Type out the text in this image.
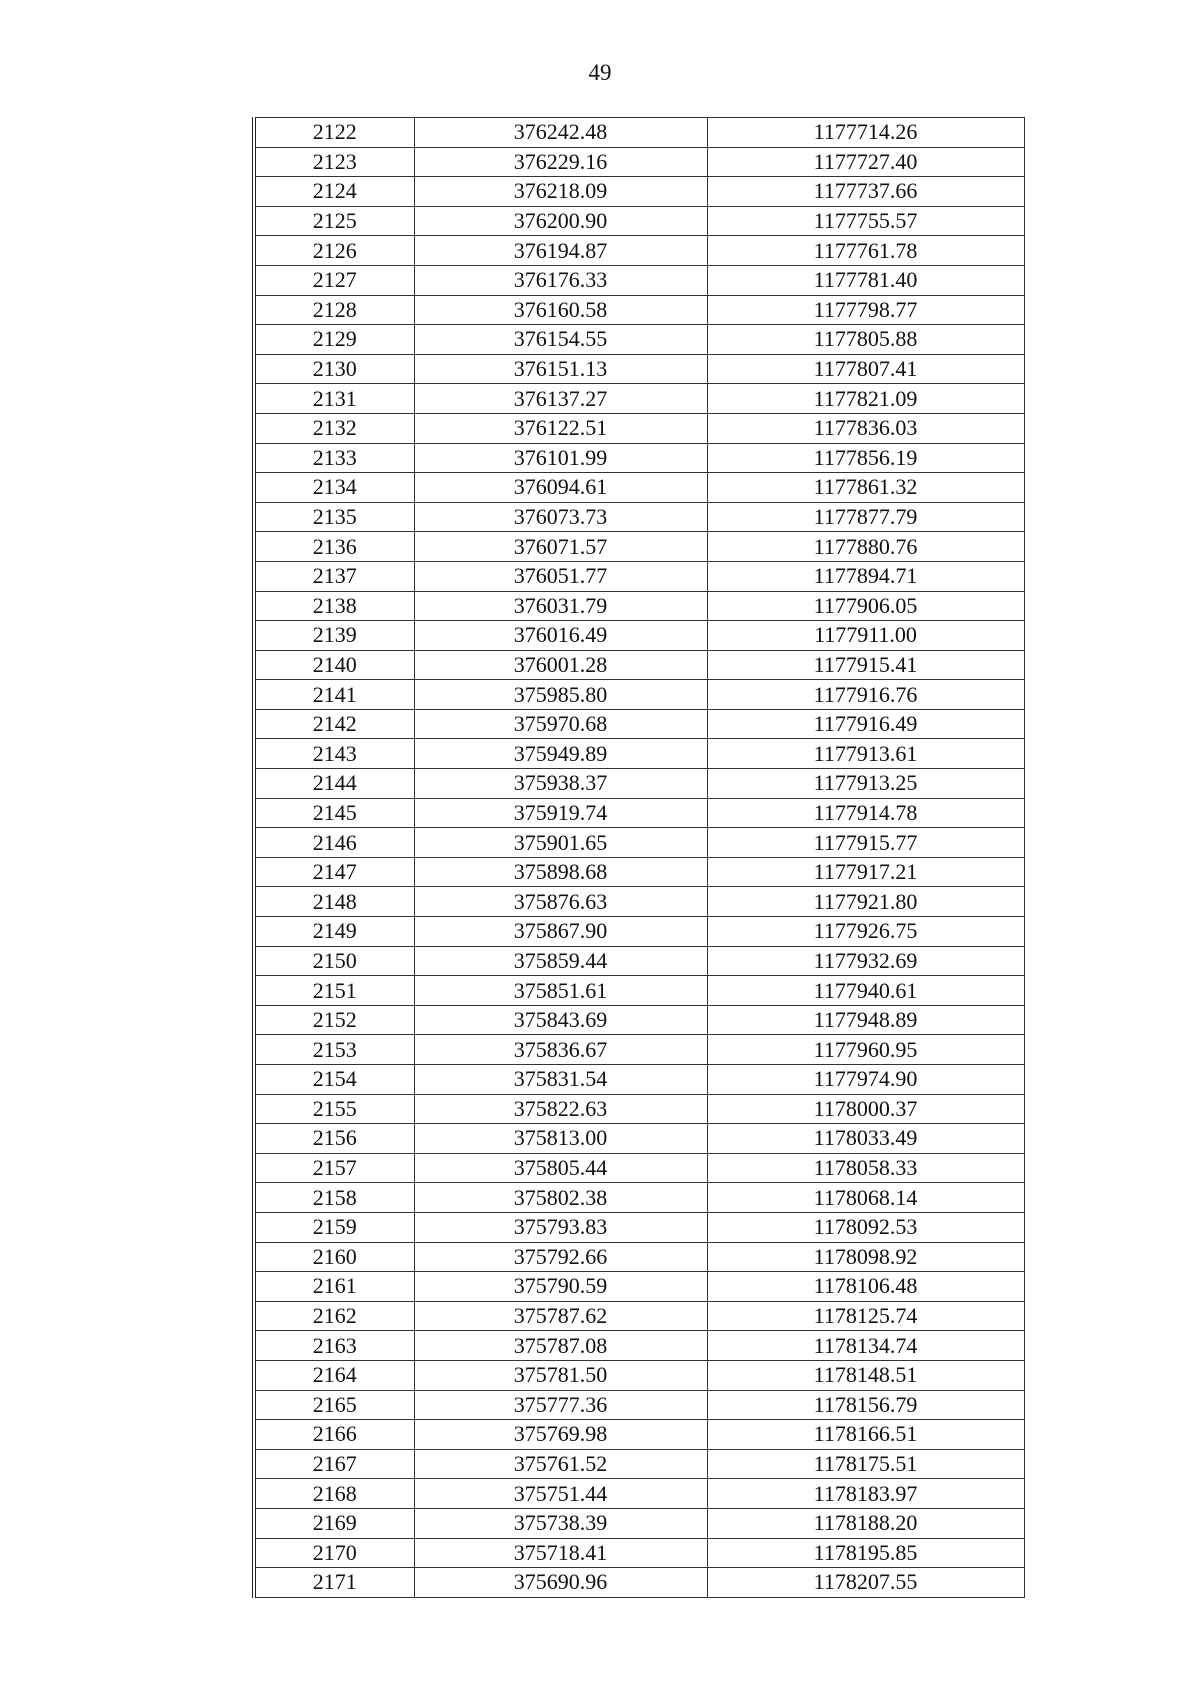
49
2122	376242.48	1177714.26
2123	376229.16	1177727.40
2124	376218.09	1177737.66
2125	376200.90	1177755.57
2126	376194.87	1177761.78
2127	376176.33	1177781.40
2128	376160.58	1177798.77
2129	376154.55	1177805.88
2130	376151.13	1177807.41
2131	376137.27	1177821.09
2132	376122.51	1177836.03
2133	376101.99	1177856.19
2134	376094.61	1177861.32
2135	376073.73	1177877.79
2136	376071.57	1177880.76
2137	376051.77	1177894.71
2138	376031.79	1177906.05
2139	376016.49	1177911.00
2140	376001.28	1177915.41
2141	375985.80	1177916.76
2142	375970.68	1177916.49
2143	375949.89	1177913.61
2144	375938.37	1177913.25
2145	375919.74	1177914.78
2146	375901.65	1177915.77
2147	375898.68	1177917.21
2148	375876.63	1177921.80
2149	375867.90	1177926.75
2150	375859.44	1177932.69
2151	375851.61	1177940.61
2152	375843.69	1177948.89
2153	375836.67	1177960.95
2154	375831.54	1177974.90
2155	375822.63	1178000.37
2156	375813.00	1178033.49
2157	375805.44	1178058.33
2158	375802.38	1178068.14
2159	375793.83	1178092.53
2160	375792.66	1178098.92
2161	375790.59	1178106.48
2162	375787.62	1178125.74
2163	375787.08	1178134.74
2164	375781.50	1178148.51
2165	375777.36	1178156.79
2166	375769.98	1178166.51
2167	375761.52	1178175.51
2168	375751.44	1178183.97
2169	375738.39	1178188.20
2170	375718.41	1178195.85
2171	375690.96	1178207.55
